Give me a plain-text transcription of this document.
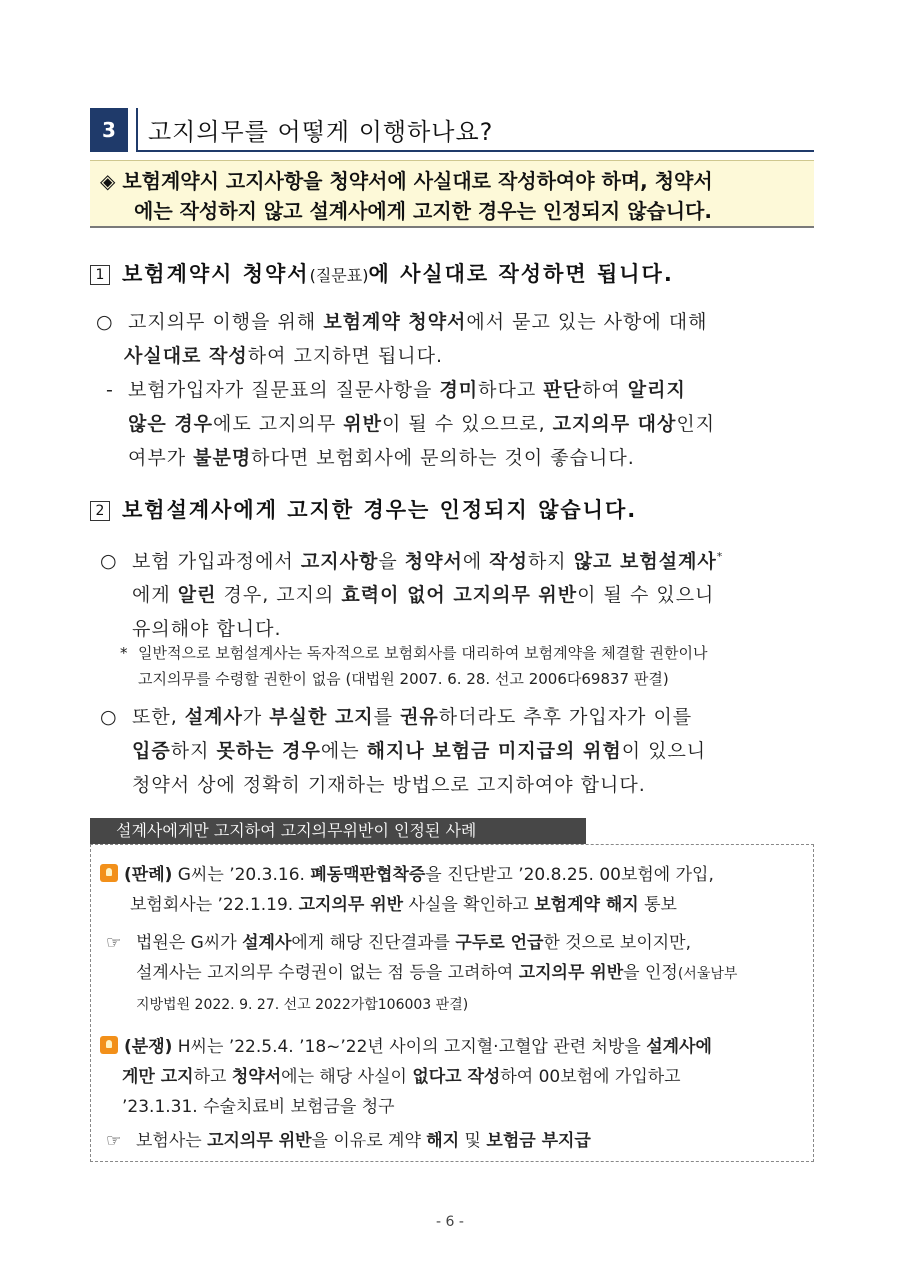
3	고지의무를 어떻게 이행하나요?
◈ 보험계약시 고지사항을 청약서에 사실대로 작성하여야 하며, 청약서
에는 작성하지 않고 설계사에게 고지한 경우는 인정되지 않습니다.
1 보험계약시 청약서(질문표)에 사실대로 작성하면 됩니다.
○ 고지의무 이행을 위해 보험계약 청약서에서 묻고 있는 사항에 대해
사실대로 작성하여 고지하면 됩니다.
- 보험가입자가 질문표의 질문사항을 경미하다고 판단하여 알리지
않은 경우에도 고지의무 위반이 될 수 있으므로, 고지의무 대상인지
여부가 불분명하다면 보험회사에 문의하는 것이 좋습니다.
2 보험설계사에게 고지한 경우는 인정되지 않습니다.
○ 보험 가입과정에서 고지사항을 청약서에 작성하지 않고 보험설계사*
에게 알린 경우, 고지의 효력이 없어 고지의무 위반이 될 수 있으니
유의해야 합니다.
* 일반적으로 보험설계사는 독자적으로 보험회사를 대리하여 보험계약을 체결할 권한이나
고지의무를 수령할 권한이 없음 (대법원 2007. 6. 28. 선고 2006다69837 판결)
○ 또한, 설계사가 부실한 고지를 권유하더라도 추후 가입자가 이를
입증하지 못하는 경우에는 해지나 보험금 미지급의 위험이 있으니
청약서 상에 정확히 기재하는 방법으로 고지하여야 합니다.
설계사에게만 고지하여 고지의무위반이 인정된 사례
(판례) G씨는 ’20.3.16. 폐동맥판협착증을 진단받고 ’20.8.25. 00보험에 가입,
보험회사는 ’22.1.19. 고지의무 위반 사실을 확인하고 보험계약 해지 통보
☞ 법원은 G씨가 설계사에게 해당 진단결과를 구두로 언급한 것으로 보이지만,
설계사는 고지의무 수령권이 없는 점 등을 고려하여 고지의무 위반을 인정(서울남부
지방법원 2022. 9. 27. 선고 2022가합106003 판결)
(분쟁) H씨는 ’22.5.4. ’18~’22년 사이의 고지혈·고혈압 관련 처방을 설계사에
게만 고지하고 청약서에는 해당 사실이 없다고 작성하여 00보험에 가입하고
’23.1.31. 수술치료비 보험금을 청구
☞ 보험사는 고지의무 위반을 이유로 계약 해지 및 보험금 부지급
- 6 -
